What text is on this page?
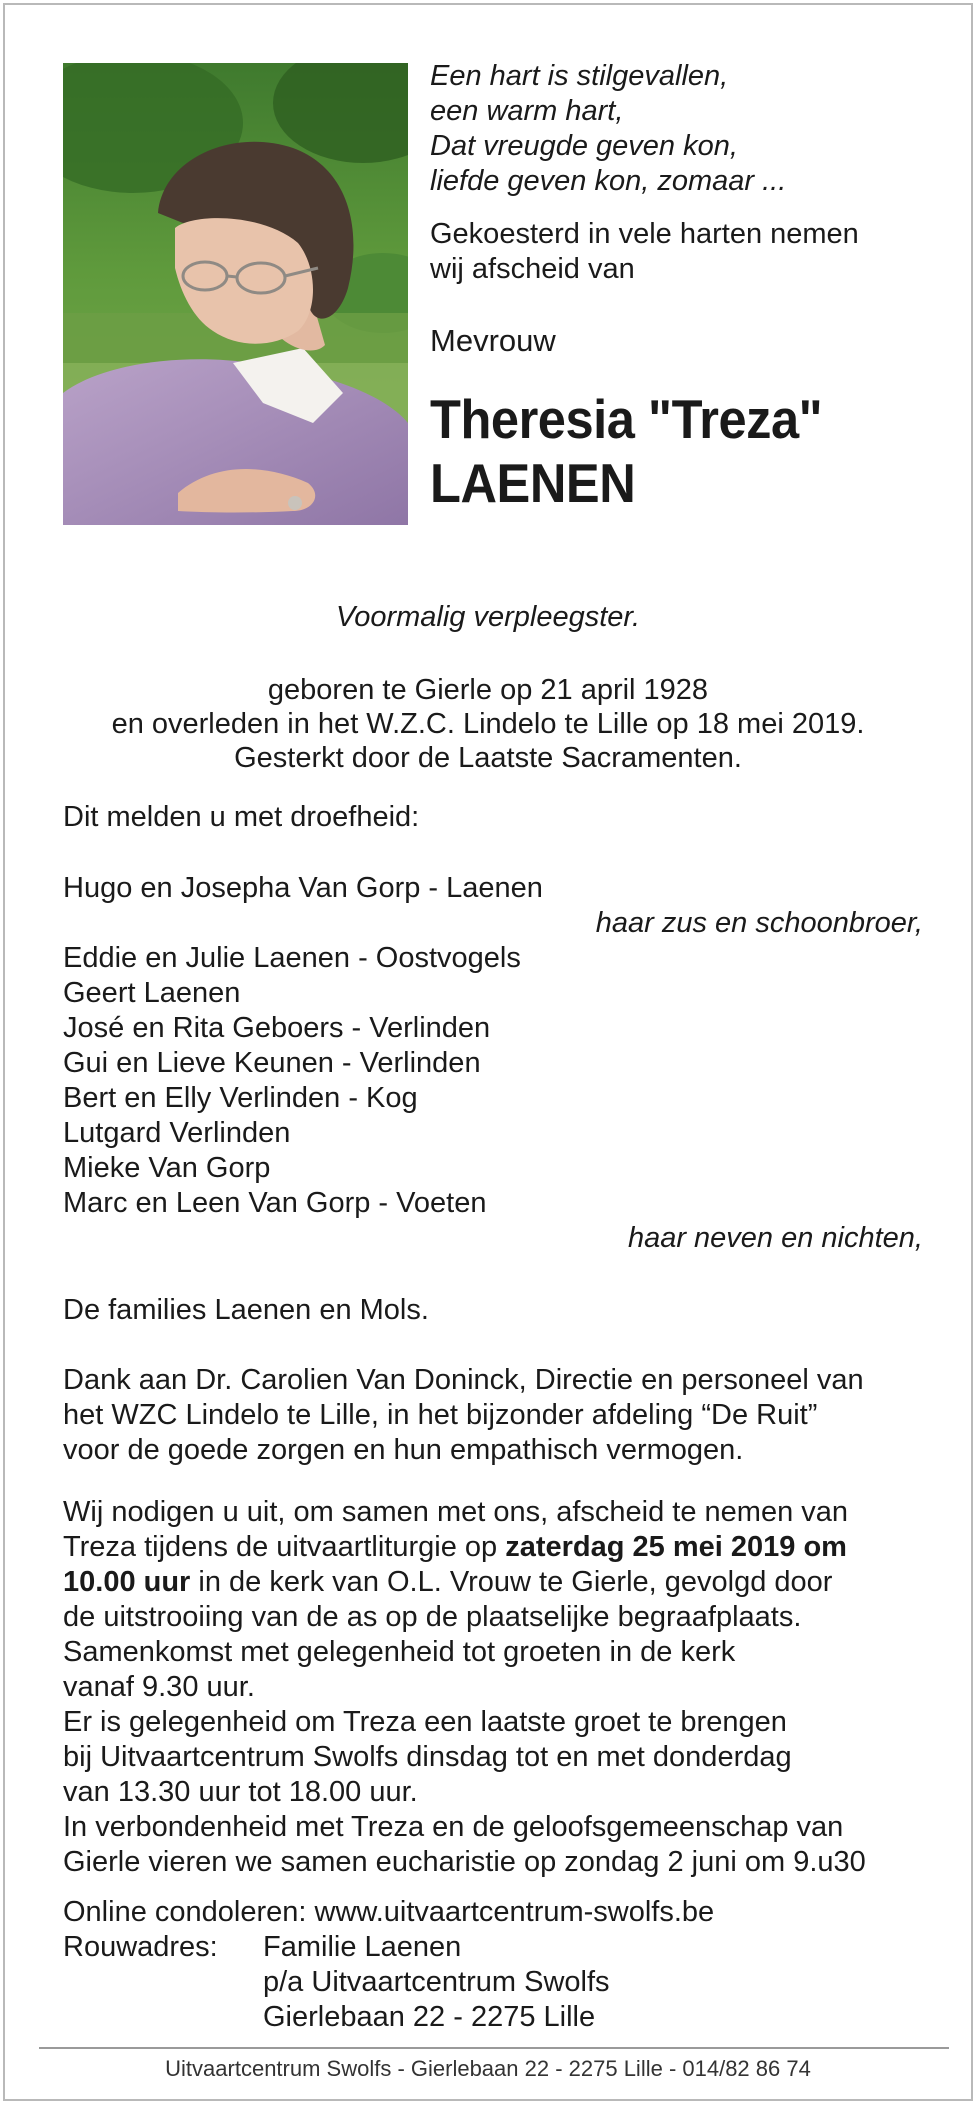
Een hart is stilgevallen,

een warm hart,

Dat vreugde geven kon,

liefde geven kon, zomaar ...

Gekoesterd in vele harten nemen

wij afscheid van

Mevrouw

Theresia "Treza"

LAENEN

Voormalig verpleegster.

geboren te Gierle op 21 april 1928

en overleden in het W.Z.C. Lindelo te Lille op 18 mei 2019.

Gesterkt door de Laatste Sacramenten.

Dit melden u met droefheid:

Hugo en Josepha Van Gorp - Laenen

haar zus en schoonbroer,

Eddie en Julie Laenen - Oostvogels

Geert Laenen

José en Rita Geboers - Verlinden

Gui en Lieve Keunen - Verlinden

Bert en Elly Verlinden - Kog

Lutgard Verlinden

Mieke Van Gorp

Marc en Leen Van Gorp - Voeten

haar neven en nichten,

De families Laenen en Mols.

Dank aan Dr. Carolien Van Doninck, Directie en personeel van

het WZC Lindelo te Lille, in het bijzonder afdeling “De Ruit”

voor de goede zorgen en hun empathisch vermogen.

Wij nodigen u uit, om samen met ons, afscheid te nemen van

Treza tijdens de uitvaartliturgie op zaterdag 25 mei 2019 om

10.00 uur in de kerk van O.L. Vrouw te Gierle, gevolgd door

de uitstrooiing van de as op de plaatselijke begraafplaats.

Samenkomst met gelegenheid tot groeten in de kerk

vanaf 9.30 uur.

Er is gelegenheid om Treza een laatste groet te brengen

bij Uitvaartcentrum Swolfs dinsdag tot en met donderdag

van 13.30 uur tot 18.00 uur.

In verbondenheid met Treza en de geloofsgemeenschap van

Gierle vieren we samen eucharistie op zondag 2 juni om 9.u30

Online condoleren: www.uitvaartcentrum-swolfs.be

Rouwadres:	Familie Laenen
p/a Uitvaartcentrum Swolfs
Gierlebaan 22 - 2275 Lille
Uitvaartcentrum Swolfs - Gierlebaan 22 - 2275 Lille - 014/82 86 74
